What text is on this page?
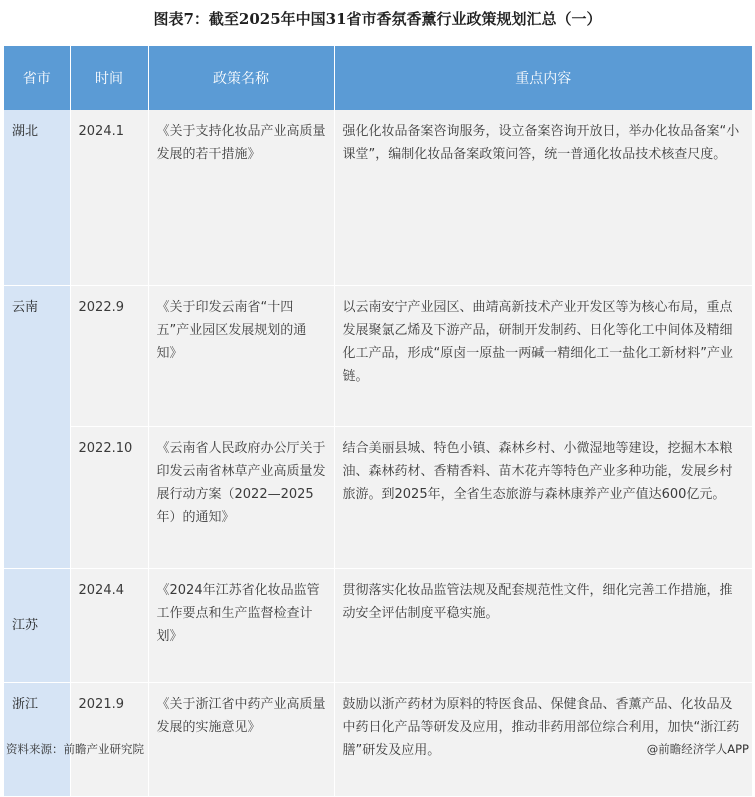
图表7：截至2025年中国31省市香氛香薰行业政策规划汇总（一）
省市	时间	政策名称	重点内容
湖北	2024.1	《关于支持化妆品产业高质量发展的若干措施》	强化化妆品备案咨询服务，设立备案咨询开放日，举办化妆品备案“小课堂”，编制化妆品备案政策问答，统一普通化妆品技术核查尺度。
云南	2022.9	《关于印发云南省“十四五”产业园区发展规划的通知》	以云南安宁产业园区、曲靖高新技术产业开发区等为核心布局，重点发展聚氯乙烯及下游产品，研制开发制药、日化等化工中间体及精细化工产品，形成“原卤一原盐一两碱一精细化工一盐化工新材料”产业链。
	2022.10	《云南省人民政府办公厅关于印发云南省林草产业高质量发展行动方案（2022—2025年）的通知》	结合美丽县城、特色小镇、森林乡村、小微湿地等建设，挖掘木本粮油、森林药材、香精香料、苗木花卉等特色产业多种功能，发展乡村旅游。到2025年，全省生态旅游与森林康养产业产值达600亿元。
江苏	2024.4	《2024年江苏省化妆品监管工作要点和生产监督检查计划》	贯彻落实化妆品监管法规及配套规范性文件，细化完善工作措施，推动安全评估制度平稳实施。
浙江	2021.9	《关于浙江省中药产业高质量发展的实施意见》	鼓励以浙产药材为原料的特医食品、保健食品、香薰产品、化妆品及中药日化产品等研发及应用，推动非药用部位综合利用，加快“浙江药膳”研发及应用。
资料来源：前瞻产业研究院	@前瞻经济学人APP
